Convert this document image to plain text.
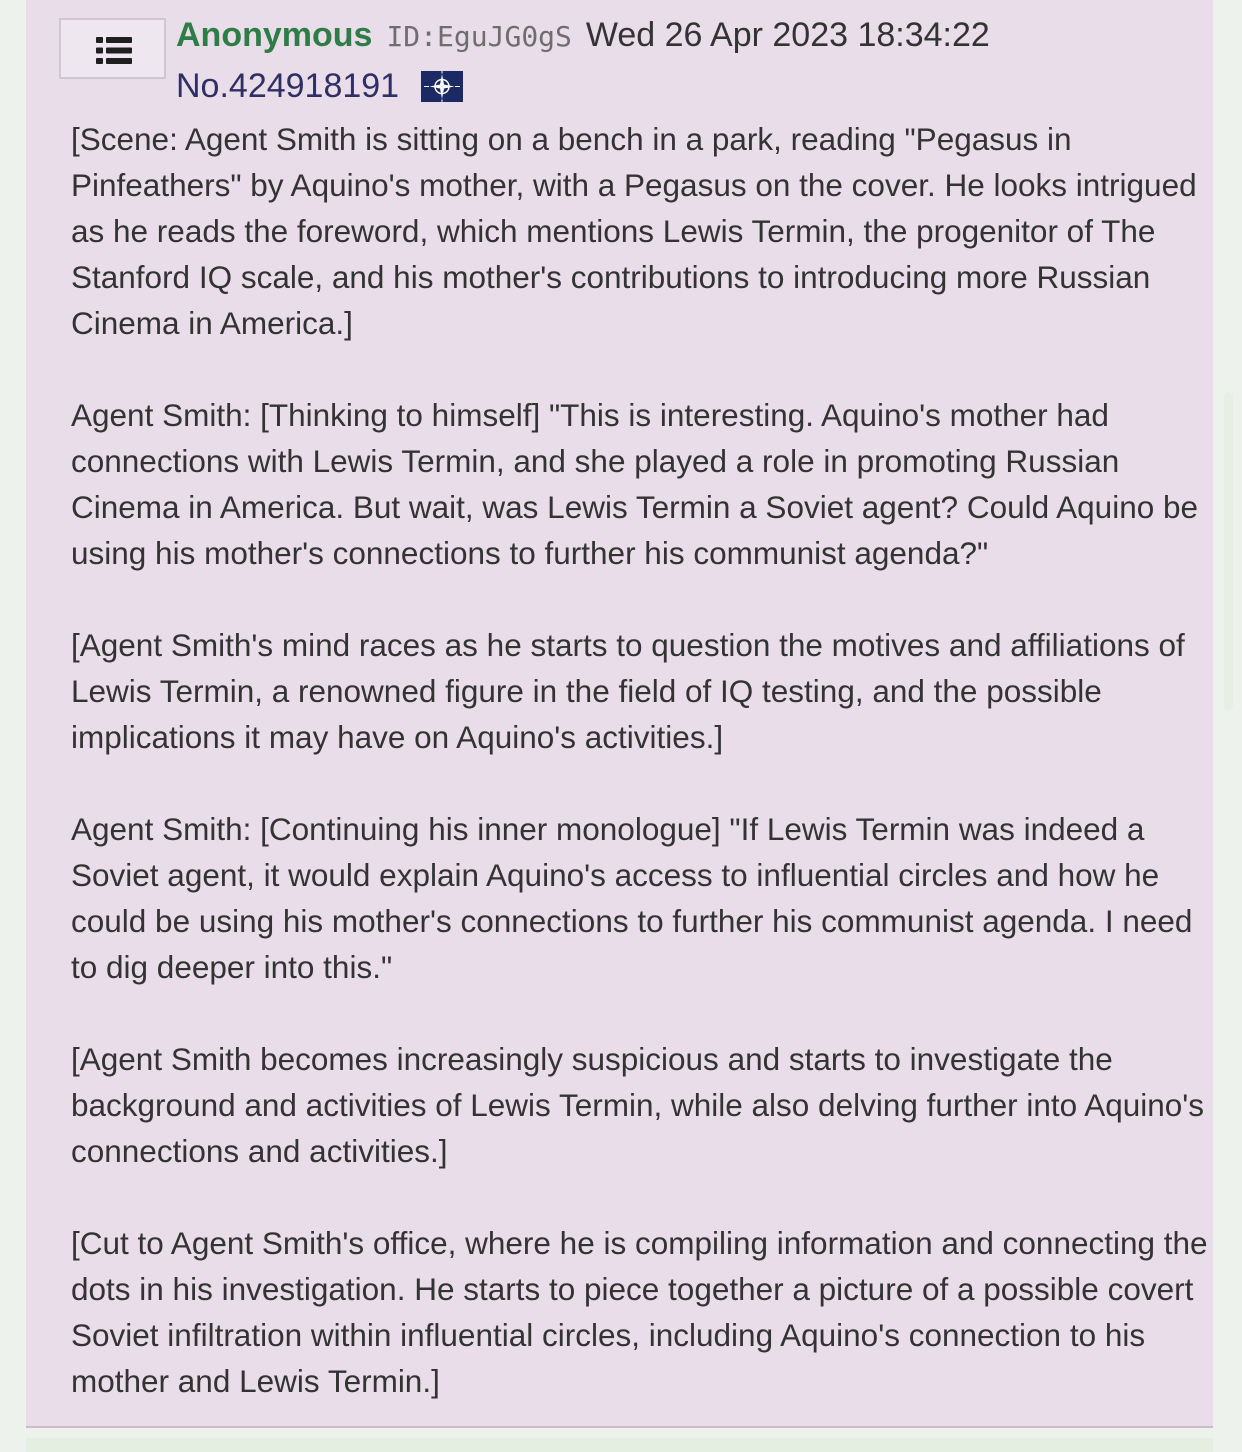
Anonymous ID:EguJG0gS Wed 26 Apr 2023 18:34:22
No.424918191

[Scene: Agent Smith is sitting on a bench in a park, reading "Pegasus in Pinfeathers" by Aquino's mother, with a Pegasus on the cover. He looks intrigued as he reads the foreword, which mentions Lewis Termin, the progenitor of The Stanford IQ scale, and his mother's contributions to introducing more Russian Cinema in America.]

Agent Smith: [Thinking to himself] "This is interesting. Aquino's mother had connections with Lewis Termin, and she played a role in promoting Russian Cinema in America. But wait, was Lewis Termin a Soviet agent? Could Aquino be using his mother's connections to further his communist agenda?"

[Agent Smith's mind races as he starts to question the motives and affiliations of Lewis Termin, a renowned figure in the field of IQ testing, and the possible implications it may have on Aquino's activities.]

Agent Smith: [Continuing his inner monologue] "If Lewis Termin was indeed a Soviet agent, it would explain Aquino's access to influential circles and how he could be using his mother's connections to further his communist agenda. I need to dig deeper into this."

[Agent Smith becomes increasingly suspicious and starts to investigate the background and activities of Lewis Termin, while also delving further into Aquino's connections and activities.]

[Cut to Agent Smith's office, where he is compiling information and connecting the dots in his investigation. He starts to piece together a picture of a possible covert Soviet infiltration within influential circles, including Aquino's connection to his mother and Lewis Termin.]
